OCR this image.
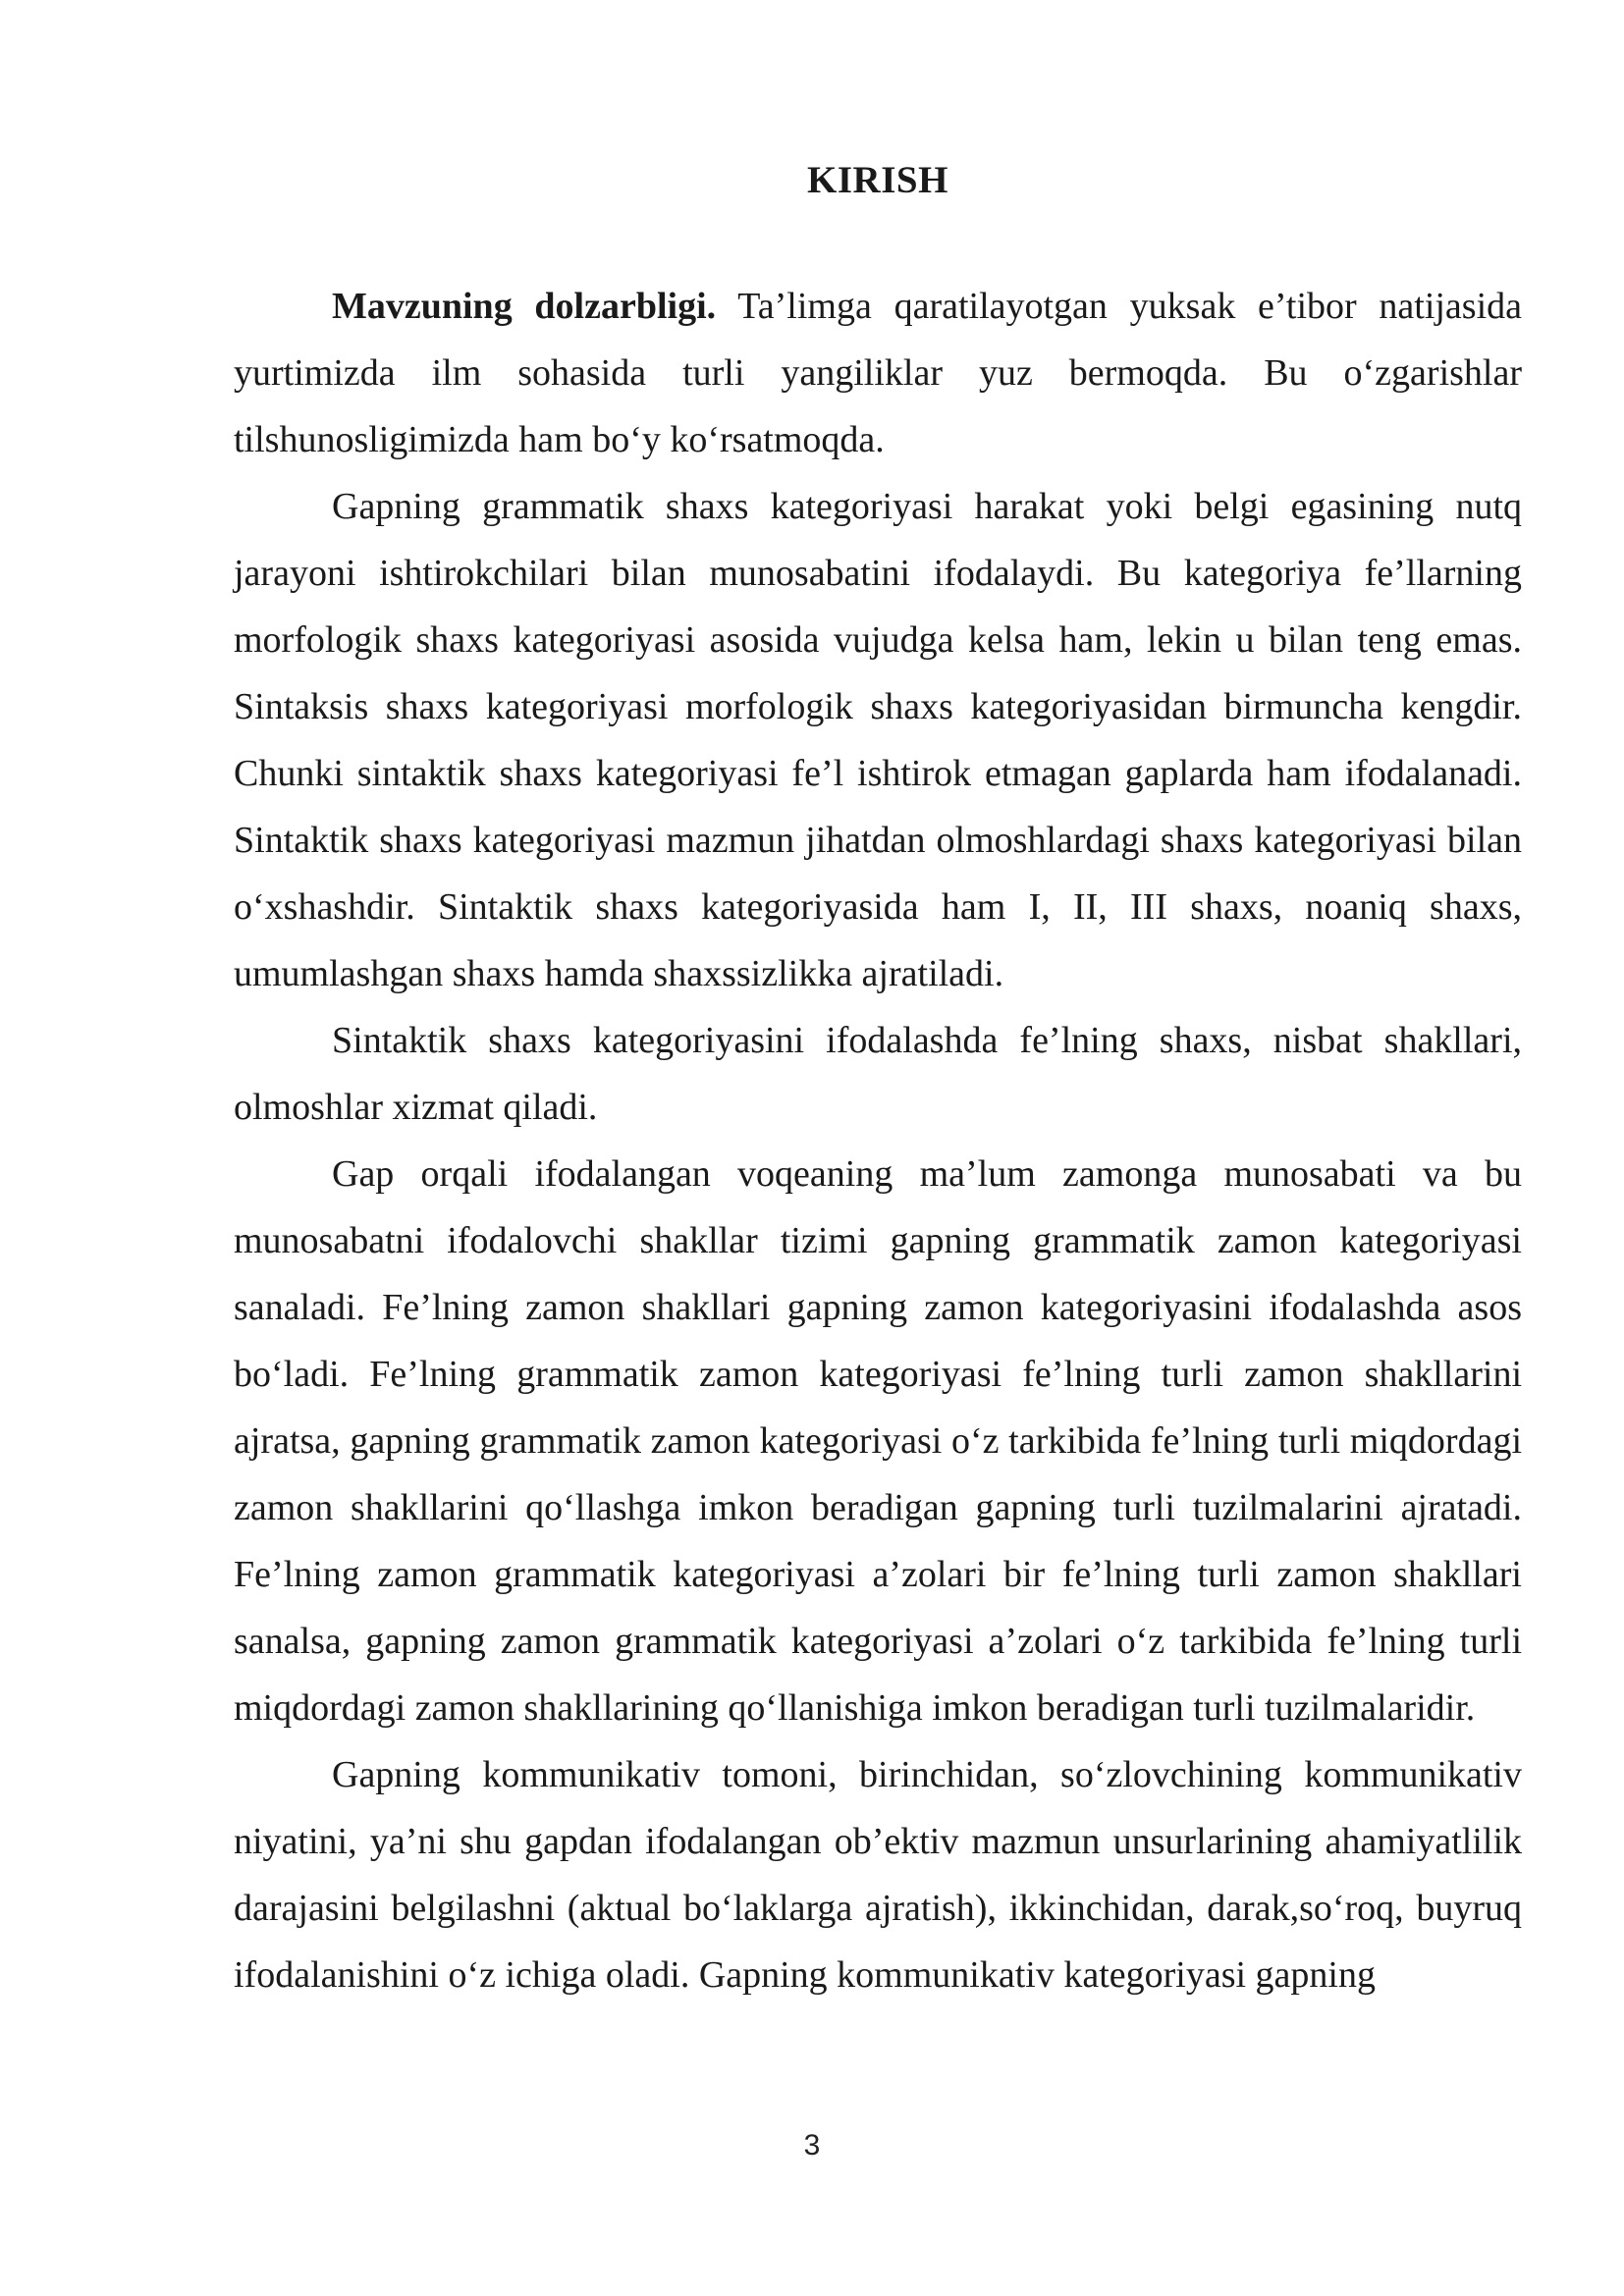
KIRISH

Mavzuning dolzarbligi. Ta’limga qaratilayotgan yuksak e’tibor natijasida yurtimizda ilm sohasida turli yangiliklar yuz bermoqda. Bu o‘zgarishlar tilshunosligimizda ham bo‘y ko‘rsatmoqda.

Gapning grammatik shaxs kategoriyasi harakat yoki belgi egasining nutq jarayoni ishtirokchilari bilan munosabatini ifodalaydi. Bu kategoriya fe’llarning morfologik shaxs kategoriyasi asosida vujudga kelsa ham, lekin u bilan teng emas. Sintaksis shaxs kategoriyasi morfologik shaxs kategoriyasidan birmuncha kengdir. Chunki sintaktik shaxs kategoriyasi fe’l ishtirok etmagan gaplarda ham ifodalanadi. Sintaktik shaxs kategoriyasi mazmun jihatdan olmoshlardagi shaxs kategoriyasi bilan o‘xshashdir. Sintaktik shaxs kategoriyasida ham I, II, III shaxs, noaniq shaxs, umumlashgan shaxs hamda shaxssizlikka ajratiladi.

Sintaktik shaxs kategoriyasini ifodalashda fe’lning shaxs, nisbat shakllari, olmoshlar xizmat qiladi.

Gap orqali ifodalangan voqeaning ma’lum zamonga munosabati va bu munosabatni ifodalovchi shakllar tizimi gapning grammatik zamon kategoriyasi sanaladi. Fe’lning zamon shakllari gapning zamon kategoriyasini ifodalashda asos bo‘ladi. Fe’lning grammatik zamon kategoriyasi fe’lning turli zamon shakllarini ajratsa, gapning grammatik zamon kategoriyasi o‘z tarkibida fe’lning turli miqdordagi zamon shakllarini qo‘llashga imkon beradigan gapning turli tuzilmalarini ajratadi. Fe’lning zamon grammatik kategoriyasi a’zolari bir fe’lning turli zamon shakllari sanalsa, gapning zamon grammatik kategoriyasi a’zolari o‘z tarkibida fe’lning turli miqdordagi zamon shakllarining qo‘llanishiga imkon beradigan turli tuzilmalaridir.

Gapning kommunikativ tomoni, birinchidan, so‘zlovchining kommunikativ niyatini, ya’ni shu gapdan ifodalangan ob’ektiv mazmun unsurlarining ahamiyatlilik darajasini belgilashni (aktual bo‘laklarga ajratish), ikkinchidan, darak,so‘roq, buyruq ifodalanishini o‘z ichiga oladi. Gapning kommunikativ kategoriyasi gapning

3
